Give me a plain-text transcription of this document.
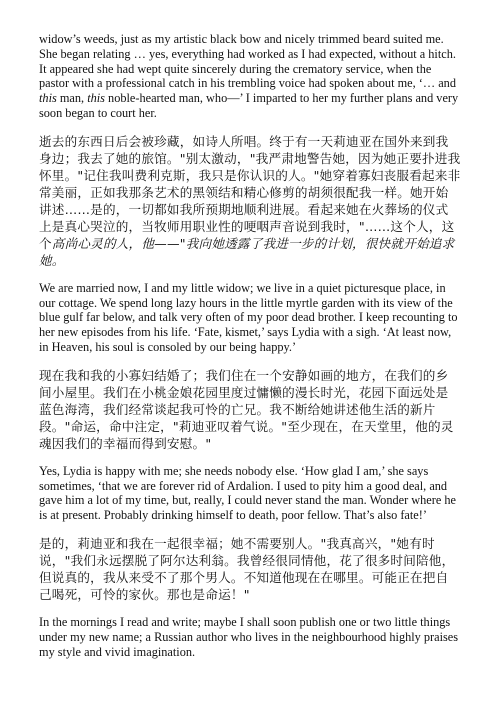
widow’s weeds, just as my artistic black bow and nicely trimmed beard suited me. She began relating … yes, everything had worked as I had expected, without a hitch. It appeared she had wept quite sincerely during the crematory service, when the pastor with a professional catch in his trembling voice had spoken about me, ‘… and this man, this noble-hearted man, who—’ I imparted to her my further plans and very soon began to court her.

逝去的东西日后会被珍藏，如诗人所唱。终于有一天莉迪亚在国外来到我身边；我去了她的旅馆。"别太激动，"我严肃地警告她，因为她正要扑进我怀里。"记住我叫费利克斯，我只是你认识的人。"她穿着寡妇丧服看起来非常美丽，正如我那条艺术的黑领结和精心修剪的胡须很配我一样。她开始讲述……是的，一切都如我所预期地顺利进展。看起来她在火葬场的仪式上是真心哭泣的，当牧师用职业性的哽咽声音说到我时，"……这个人，这个高尚心灵的人，他——"我向她透露了我进一步的计划，很快就开始追求她。

We are married now, I and my little widow; we live in a quiet picturesque place, in our cottage. We spend long lazy hours in the little myrtle garden with its view of the blue gulf far below, and talk very often of my poor dead brother. I keep recounting to her new episodes from his life. ‘Fate, kismet,’ says Lydia with a sigh. ‘At least now, in Heaven, his soul is consoled by our being happy.’

现在我和我的小寡妇结婚了；我们住在一个安静如画的地方，在我们的乡间小屋里。我们在小桃金娘花园里度过慵懒的漫长时光，花园下面远处是蓝色海湾，我们经常谈起我可怜的亡兄。我不断给她讲述他生活的新片段。"命运，命中注定，"莉迪亚叹着气说。"至少现在，在天堂里，他的灵魂因我们的幸福而得到安慰。"

Yes, Lydia is happy with me; she needs nobody else. ‘How glad I am,’ she says sometimes, ‘that we are forever rid of Ardalion. I used to pity him a good deal, and gave him a lot of my time, but, really, I could never stand the man. Wonder where he is at present. Probably drinking himself to death, poor fellow. That’s also fate!’

是的，莉迪亚和我在一起很幸福；她不需要别人。"我真高兴，"她有时说，"我们永远摆脱了阿尔达利翁。我曾经很同情他，花了很多时间陪他，但说真的，我从来受不了那个男人。不知道他现在在哪里。可能正在把自己喝死，可怜的家伙。那也是命运！"

In the mornings I read and write; maybe I shall soon publish one or two little things under my new name; a Russian author who lives in the neighbourhood highly praises my style and vivid imagination.
